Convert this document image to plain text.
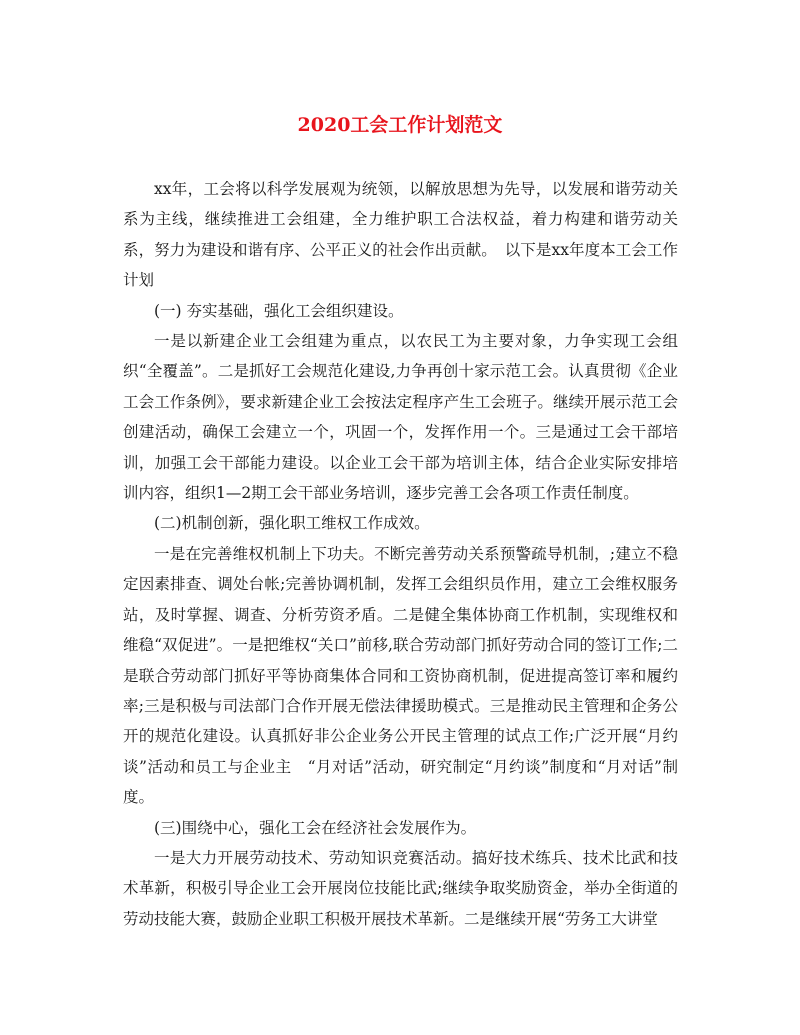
2020工会工作计划范文

xx年，工会将以科学发展观为统领，以解放思想为先导，以发展和谐劳动关系为主线，继续推进工会组建，全力维护职工合法权益，着力构建和谐劳动关系，努力为建设和谐有序、公平正义的社会作出贡献。　以下是xx年度本工会工作计划

(一) 夯实基础，强化工会组织建设。

一是以新建企业工会组建为重点，以农民工为主要对象，力争实现工会组织“全覆盖”。二是抓好工会规范化建设,力争再创十家示范工会。认真贯彻《企业工会工作条例》，要求新建企业工会按法定程序产生工会班子。继续开展示范工会创建活动，确保工会建立一个，巩固一个，发挥作用一个。三是通过工会干部培训，加强工会干部能力建设。以企业工会干部为培训主体，结合企业实际安排培训内容，组织1—2期工会干部业务培训，逐步完善工会各项工作责任制度。

(二)机制创新，强化职工维权工作成效。

一是在完善维权机制上下功夫。不断完善劳动关系预警疏导机制，;建立不稳定因素排查、调处台帐;完善协调机制，发挥工会组织员作用，建立工会维权服务站，及时掌握、调查、分析劳资矛盾。二是健全集体协商工作机制，实现维权和维稳“双促进”。一是把维权“关口”前移,联合劳动部门抓好劳动合同的签订工作;二是联合劳动部门抓好平等协商集体合同和工资协商机制，促进提高签订率和履约率;三是积极与司法部门合作开展无偿法律援助模式。三是推动民主管理和企务公开的规范化建设。认真抓好非公企业务公开民主管理的试点工作;广泛开展“月约谈”活动和员工与企业主　“月对话”活动，研究制定“月约谈”制度和“月对话”制度。

(三)围绕中心，强化工会在经济社会发展作为。

一是大力开展劳动技术、劳动知识竞赛活动。搞好技术练兵、技术比武和技术革新，积极引导企业工会开展岗位技能比武;继续争取奖励资金，举办全街道的劳动技能大赛，鼓励企业职工积极开展技术革新。二是继续开展“劳务工大讲堂
